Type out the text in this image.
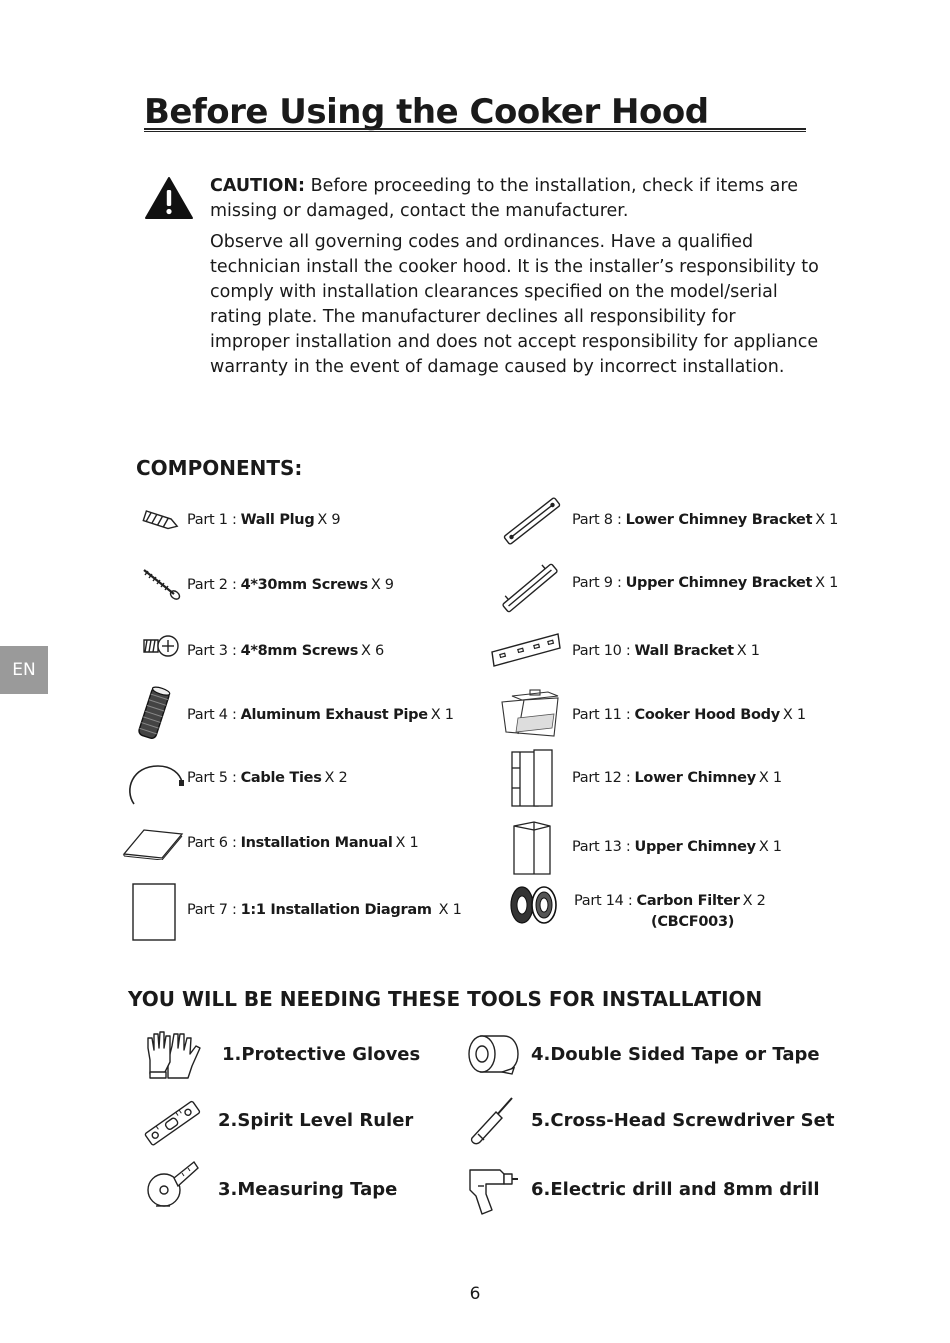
Before Using the Cooker Hood
CAUTION: Before proceeding to the installation, check if items are missing or damaged, contact the manufacturer.
Observe all governing codes and ordinances. Have a qualified technician install the cooker hood. It is the installer’s responsibility to comply with installation clearances specified on the model/serial rating plate. The manufacturer declines all responsibility for improper installation and does not accept responsibility for appliance warranty in the event of damage caused by incorrect installation.
COMPONENTS:
Part 1 : Wall Plug X 9
Part 2 : 4*30mm Screws X 9
Part 3 : 4*8mm Screws X 6
Part 4 : Aluminum Exhaust Pipe X 1
Part 5 : Cable Ties X 2
Part 6 : Installation Manual X 1
Part 7 : 1:1 Installation Diagram X 1
Part 8 : Lower Chimney Bracket X 1
Part 9 : Upper Chimney Bracket X 1
Part 10 : Wall Bracket X 1
Part 11 : Cooker Hood Body X 1
Part 12 : Lower Chimney X 1
Part 13 : Upper Chimney X 1
Part 14 : Carbon Filter X 2
(CBCF003)
EN
YOU WILL BE NEEDING THESE TOOLS FOR INSTALLATION
1.Protective Gloves
2.Spirit Level Ruler
3.Measuring Tape
4.Double Sided Tape or Tape
5.Cross-Head Screwdriver Set
6.Electric drill and 8mm drill
6
